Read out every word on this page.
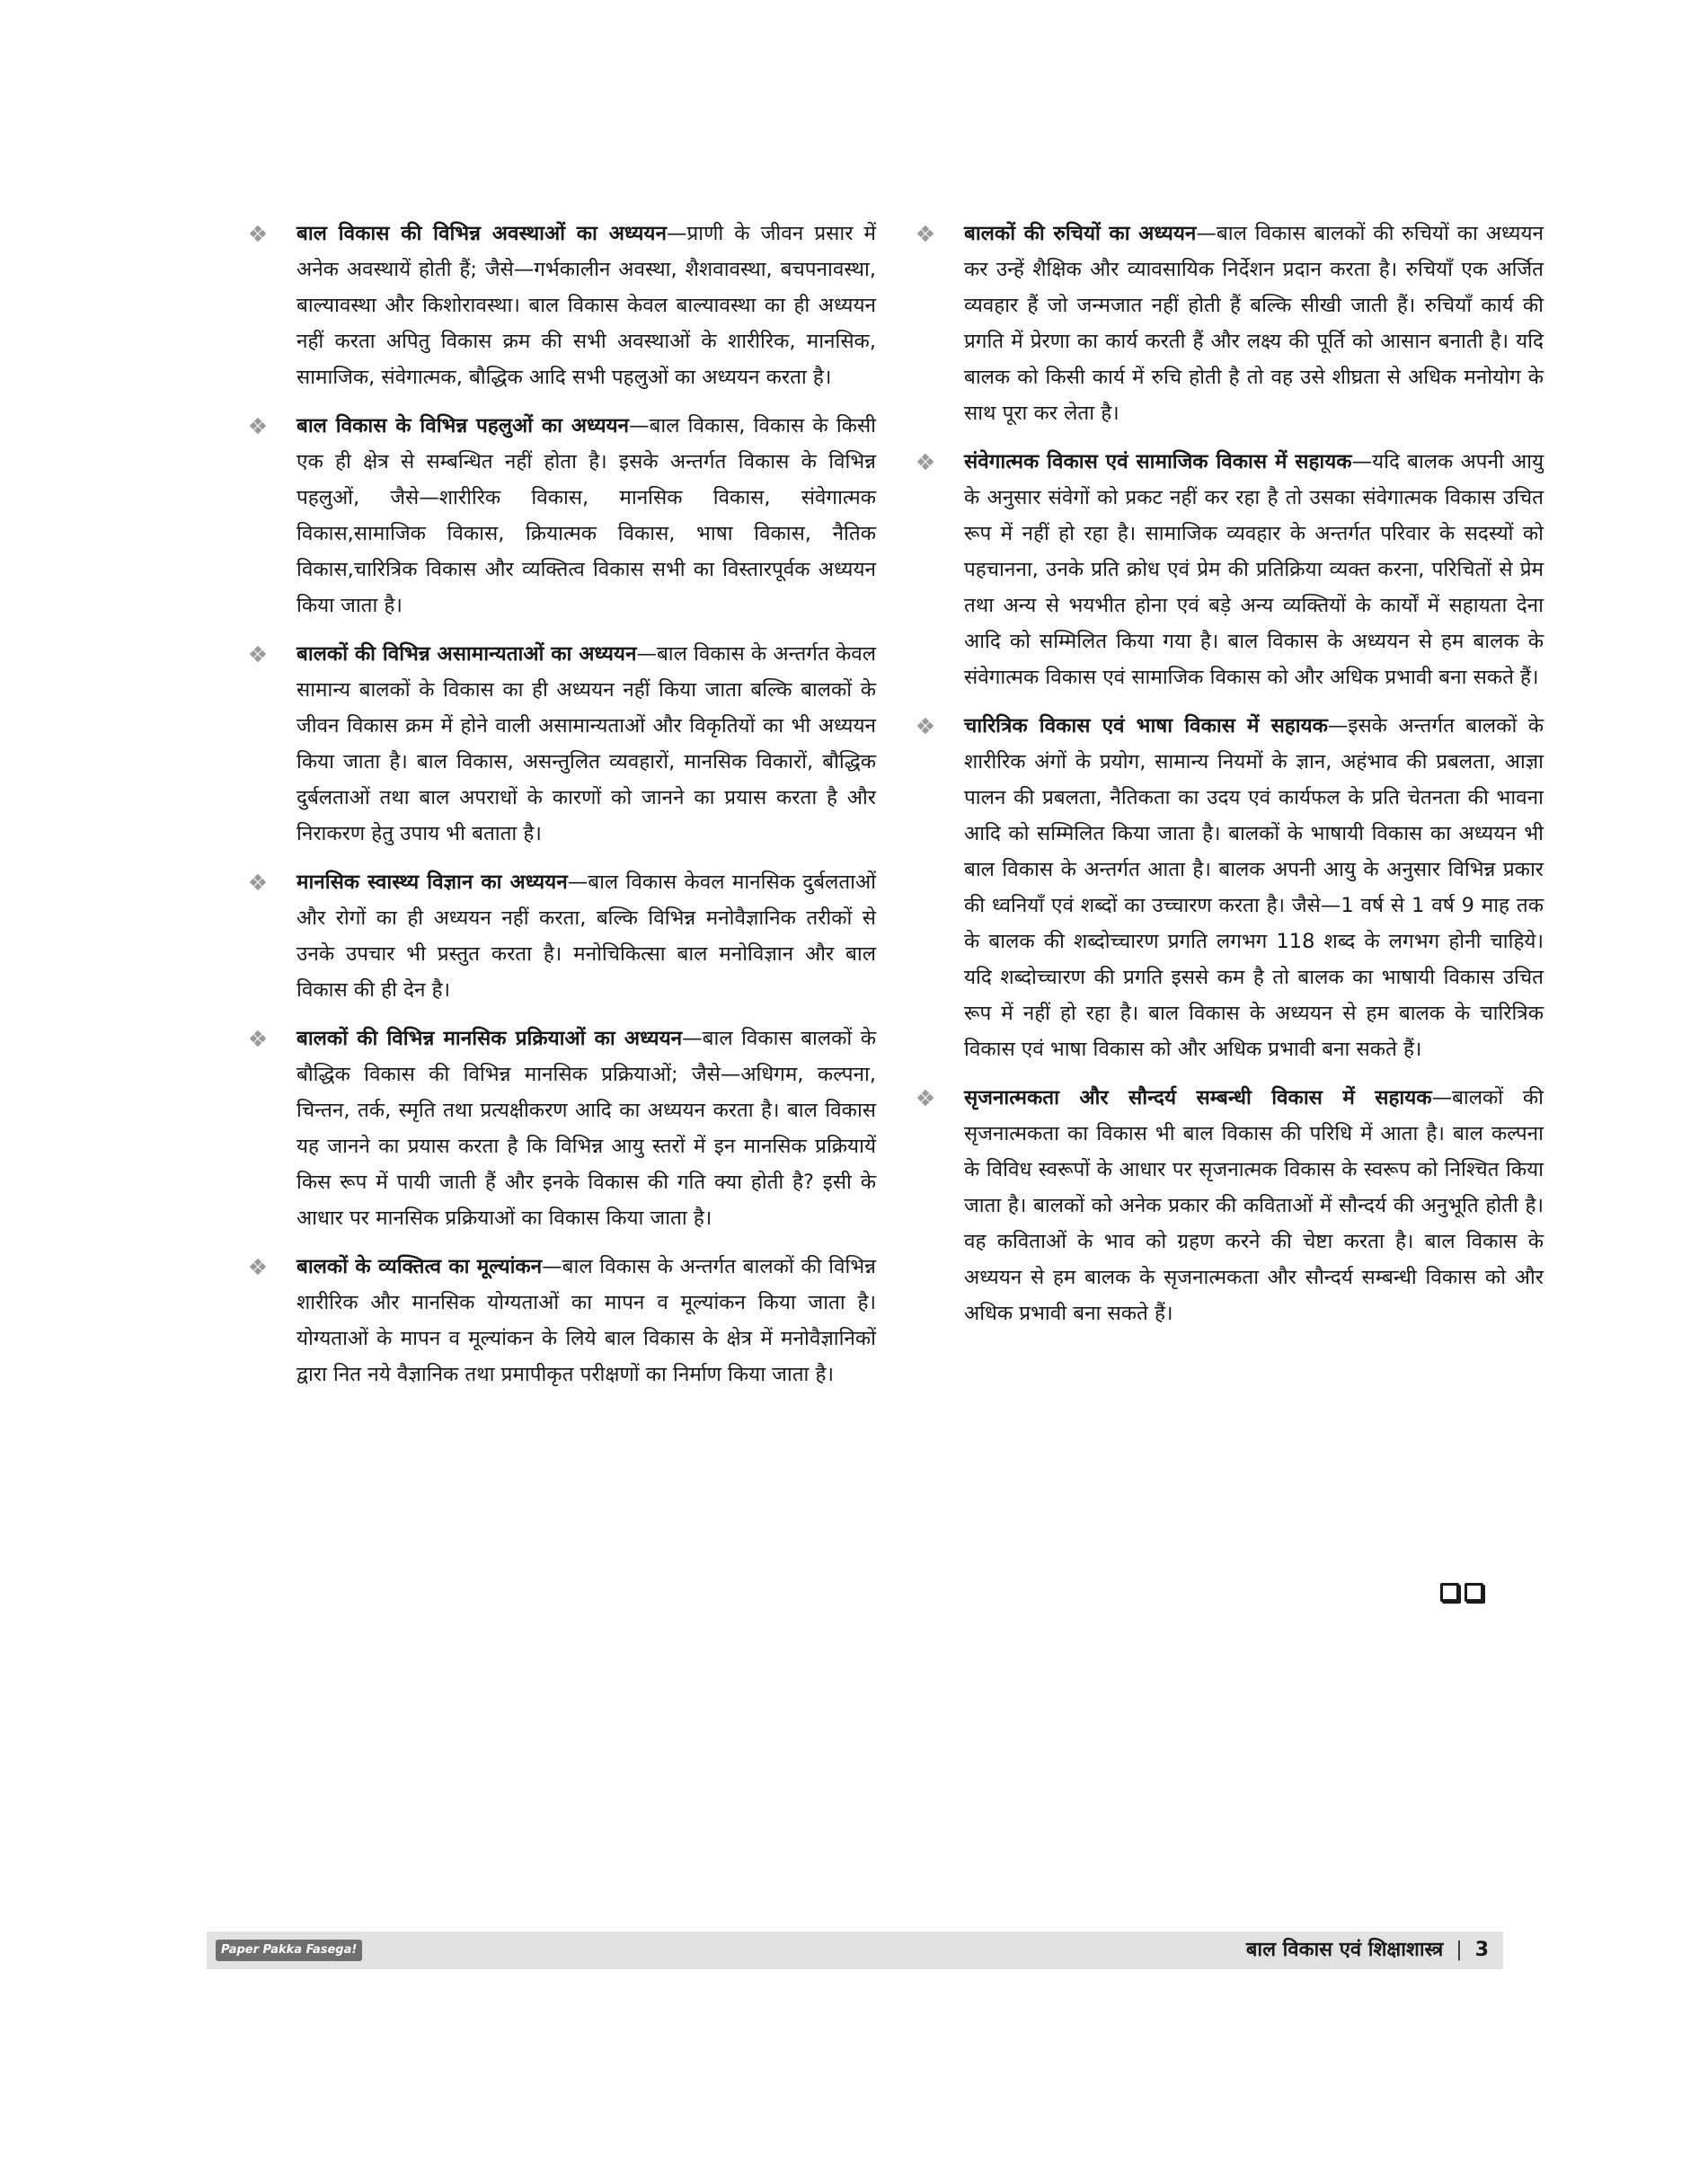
बाल विकास की विभिन्न अवस्थाओं का अध्ययन—प्राणी के जीवन प्रसार में अनेक अवस्थायें होती हैं; जैसे—गर्भकालीन अवस्था, शैशवावस्था, बचपनावस्था, बाल्यावस्था और किशोरावस्था। बाल विकास केवल बाल्यावस्था का ही अध्ययन नहीं करता अपितु विकास क्रम की सभी अवस्थाओं के शारीरिक, मानसिक, सामाजिक, संवेगात्मक, बौद्धिक आदि सभी पहलुओं का अध्ययन करता है।
बाल विकास के विभिन्न पहलुओं का अध्ययन—बाल विकास, विकास के किसी एक ही क्षेत्र से सम्बन्धित नहीं होता है। इसके अन्तर्गत विकास के विभिन्न पहलुओं, जैसे—शारीरिक विकास, मानसिक विकास, संवेगात्मक विकास,सामाजिक विकास, क्रियात्मक विकास, भाषा विकास, नैतिक विकास,चारित्रिक विकास और व्यक्तित्व विकास सभी का विस्तारपूर्वक अध्ययन किया जाता है।
बालकों की विभिन्न असामान्यताओं का अध्ययन—बाल विकास के अन्तर्गत केवल सामान्य बालकों के विकास का ही अध्ययन नहीं किया जाता बल्कि बालकों के जीवन विकास क्रम में होने वाली असामान्यताओं और विकृतियों का भी अध्ययन किया जाता है। बाल विकास, असन्तुलित व्यवहारों, मानसिक विकारों, बौद्धिक दुर्बलताओं तथा बाल अपराधों के कारणों को जानने का प्रयास करता है और निराकरण हेतु उपाय भी बताता है।
मानसिक स्वास्थ्य विज्ञान का अध्ययन—बाल विकास केवल मानसिक दुर्बलताओं और रोगों का ही अध्ययन नहीं करता, बल्कि विभिन्न मनोवैज्ञानिक तरीकों से उनके उपचार भी प्रस्तुत करता है। मनोचिकित्सा बाल मनोविज्ञान और बाल विकास की ही देन है।
बालकों की विभिन्न मानसिक प्रक्रियाओं का अध्ययन—बाल विकास बालकों के बौद्धिक विकास की विभिन्न मानसिक प्रक्रियाओं; जैसे—अधिगम, कल्पना, चिन्तन, तर्क, स्मृति तथा प्रत्यक्षीकरण आदि का अध्ययन करता है। बाल विकास यह जानने का प्रयास करता है कि विभिन्न आयु स्तरों में इन मानसिक प्रक्रियायें किस रूप में पायी जाती हैं और इनके विकास की गति क्या होती है? इसी के आधार पर मानसिक प्रक्रियाओं का विकास किया जाता है।
बालकों के व्यक्तित्व का मूल्यांकन—बाल विकास के अन्तर्गत बालकों की विभिन्न शारीरिक और मानसिक योग्यताओं का मापन व मूल्यांकन किया जाता है। योग्यताओं के मापन व मूल्यांकन के लिये बाल विकास के क्षेत्र में मनोवैज्ञानिकों द्वारा नित नये वैज्ञानिक तथा प्रमापीकृत परीक्षणों का निर्माण किया जाता है।
बालकों की रुचियों का अध्ययन—बाल विकास बालकों की रुचियों का अध्ययन कर उन्हें शैक्षिक और व्यावसायिक निर्देशन प्रदान करता है। रुचियाँ एक अर्जित व्यवहार हैं जो जन्मजात नहीं होती हैं बल्कि सीखी जाती हैं। रुचियाँ कार्य की प्रगति में प्रेरणा का कार्य करती हैं और लक्ष्य की पूर्ति को आसान बनाती है। यदि बालक को किसी कार्य में रुचि होती है तो वह उसे शीघ्रता से अधिक मनोयोग के साथ पूरा कर लेता है।
संवेगात्मक विकास एवं सामाजिक विकास में सहायक—यदि बालक अपनी आयु के अनुसार संवेगों को प्रकट नहीं कर रहा है तो उसका संवेगात्मक विकास उचित रूप में नहीं हो रहा है। सामाजिक व्यवहार के अन्तर्गत परिवार के सदस्यों को पहचानना, उनके प्रति क्रोध एवं प्रेम की प्रतिक्रिया व्यक्त करना, परिचितों से प्रेम तथा अन्य से भयभीत होना एवं बड़े अन्य व्यक्तियों के कार्यों में सहायता देना आदि को सम्मिलित किया गया है। बाल विकास के अध्ययन से हम बालक के संवेगात्मक विकास एवं सामाजिक विकास को और अधिक प्रभावी बना सकते हैं।
चारित्रिक विकास एवं भाषा विकास में सहायक—इसके अन्तर्गत बालकों के शारीरिक अंगों के प्रयोग, सामान्य नियमों के ज्ञान, अहंभाव की प्रबलता, आज्ञा पालन की प्रबलता, नैतिकता का उदय एवं कार्यफल के प्रति चेतनता की भावना आदि को सम्मिलित किया जाता है। बालकों के भाषायी विकास का अध्ययन भी बाल विकास के अन्तर्गत आता है। बालक अपनी आयु के अनुसार विभिन्न प्रकार की ध्वनियाँ एवं शब्दों का उच्चारण करता है। जैसे—1 वर्ष से 1 वर्ष 9 माह तक के बालक की शब्दोच्चारण प्रगति लगभग 118 शब्द के लगभग होनी चाहिये। यदि शब्दोच्चारण की प्रगति इससे कम है तो बालक का भाषायी विकास उचित रूप में नहीं हो रहा है। बाल विकास के अध्ययन से हम बालक के चारित्रिक विकास एवं भाषा विकास को और अधिक प्रभावी बना सकते हैं।
सृजनात्मकता और सौन्दर्य सम्बन्धी विकास में सहायक—बालकों की सृजनात्मकता का विकास भी बाल विकास की परिधि में आता है। बाल कल्पना के विविध स्वरूपों के आधार पर सृजनात्मक विकास के स्वरूप को निश्चित किया जाता है। बालकों को अनेक प्रकार की कविताओं में सौन्दर्य की अनुभूति होती है। वह कविताओं के भाव को ग्रहण करने की चेष्टा करता है। बाल विकास के अध्ययन से हम बालक के सृजनात्मकता और सौन्दर्य सम्बन्धी विकास को और अधिक प्रभावी बना सकते हैं।
Paper Pakka Fasega!	बाल विकास एवं शिक्षाशास्त्र | 3
